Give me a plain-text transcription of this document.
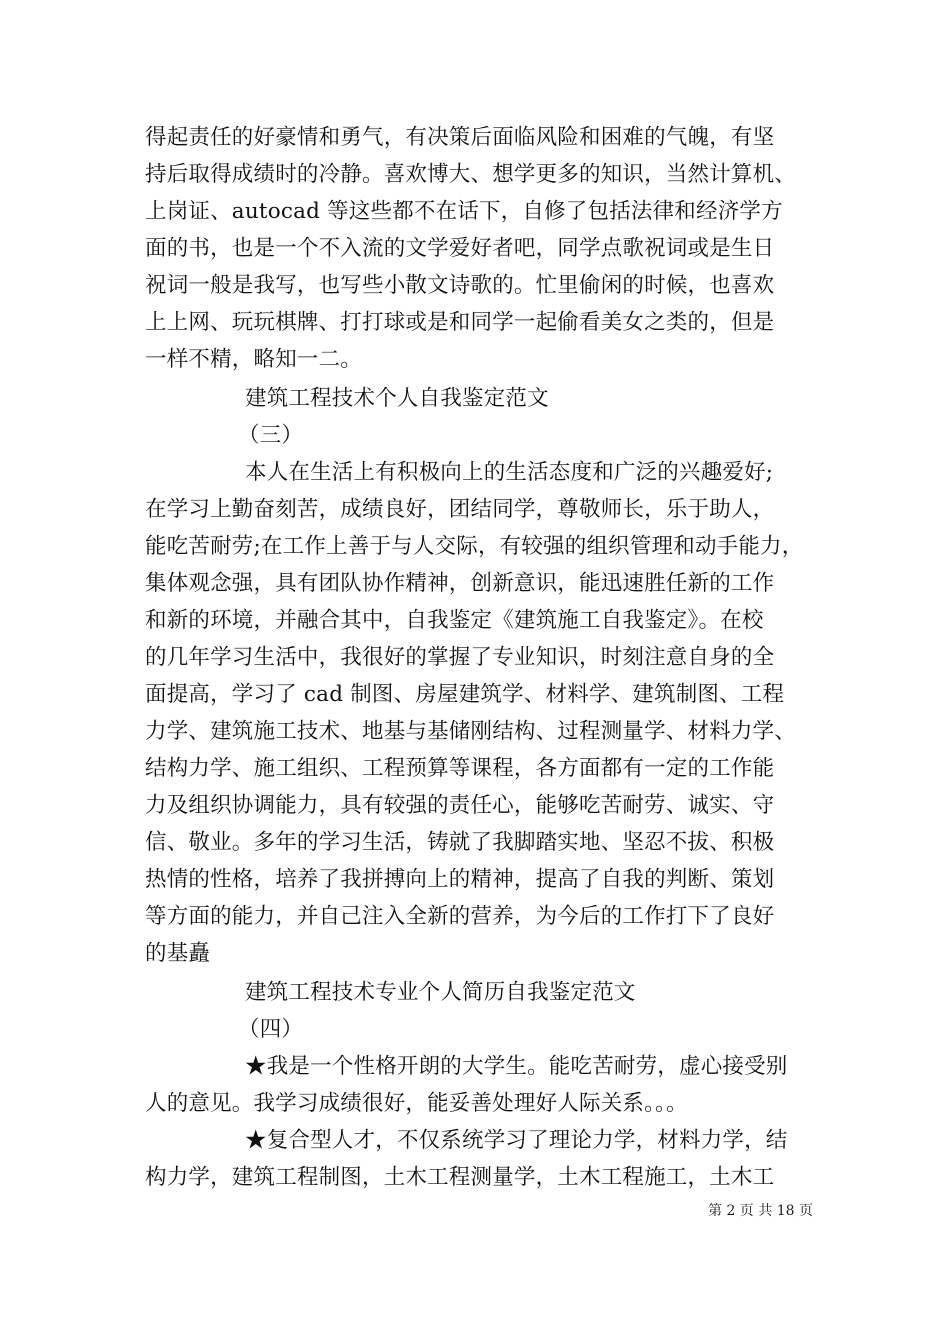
得起责任的好豪情和勇气，有决策后面临风险和困难的气魄，有坚
持后取得成绩时的冷静。喜欢博大、想学更多的知识，当然计算机、
上岗证、autocad 等这些都不在话下，自修了包括法律和经济学方
面的书，也是一个不入流的文学爱好者吧，同学点歌祝词或是生日
祝词一般是我写，也写些小散文诗歌的。忙里偷闲的时候，也喜欢
上上网、玩玩棋牌、打打球或是和同学一起偷看美女之类的，但是
一样不精，略知一二。
建筑工程技术个人自我鉴定范文
（三）
本人在生活上有积极向上的生活态度和广泛的兴趣爱好;
在学习上勤奋刻苦，成绩良好，团结同学，尊敬师长，乐于助人，
能吃苦耐劳;在工作上善于与人交际，有较强的组织管理和动手能力，
集体观念强，具有团队协作精神，创新意识，能迅速胜任新的工作
和新的环境，并融合其中，自我鉴定《建筑施工自我鉴定》。在校
的几年学习生活中，我很好的掌握了专业知识，时刻注意自身的全
面提高，学习了 cad 制图、房屋建筑学、材料学、建筑制图、工程
力学、建筑施工技术、地基与基储刚结构、过程测量学、材料力学、
结构力学、施工组织、工程预算等课程，各方面都有一定的工作能
力及组织协调能力，具有较强的责任心，能够吃苦耐劳、诚实、守
信、敬业。多年的学习生活，铸就了我脚踏实地、坚忍不拔、积极
热情的性格，培养了我拼搏向上的精神，提高了自我的判断、策划
等方面的能力，并自己注入全新的营养，为今后的工作打下了良好
的基矗
建筑工程技术专业个人简历自我鉴定范文
（四）
★我是一个性格开朗的大学生。能吃苦耐劳，虚心接受别
人的意见。我学习成绩很好，能妥善处理好人际关系。。。
★复合型人才，不仅系统学习了理论力学，材料力学，结
构力学，建筑工程制图，土木工程测量学，土木工程施工，土木工
第 2 页 共 18 页
